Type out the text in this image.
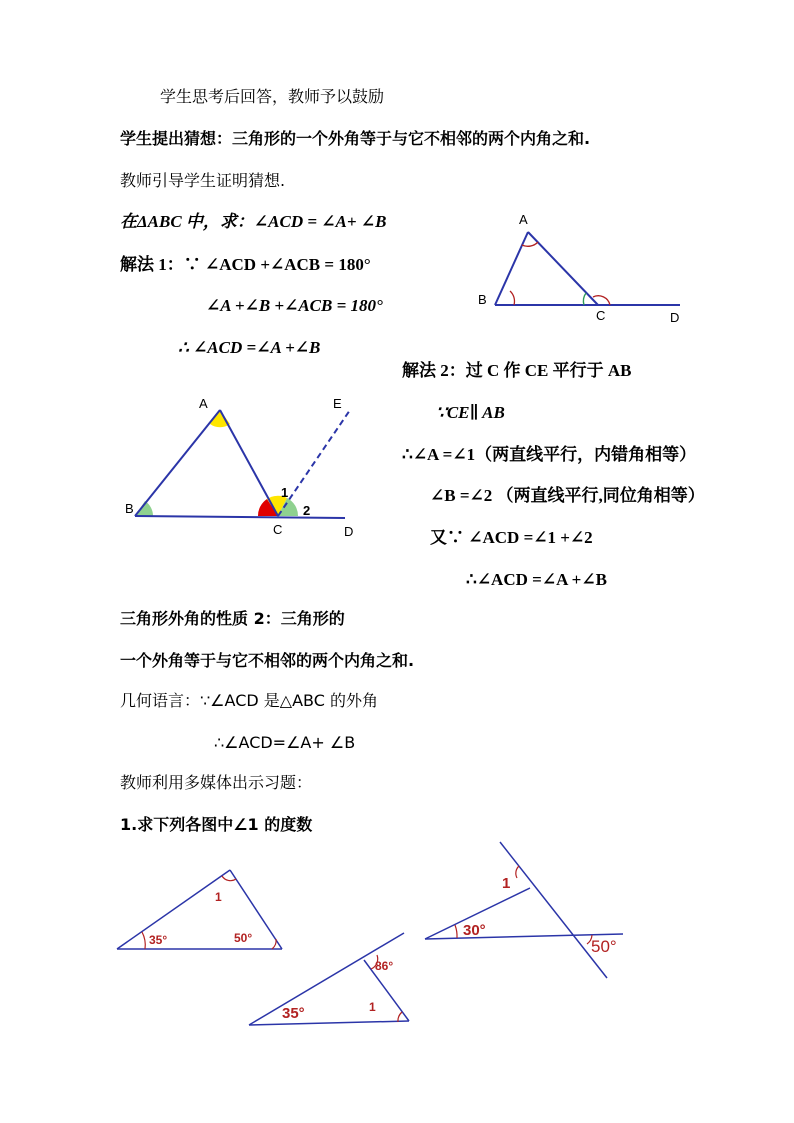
学生思考后回答，教师予以鼓励
学生提出猜想：三角形的一个外角等于与它不相邻的两个内角之和.
教师引导学生证明猜想.
在ΔABC 中，求：∠ACD = ∠A+ ∠B
解法 1：∵ ∠ACD +∠ACB = 180°
∠A +∠B +∠ACB = 180°
∴ ∠ACD =∠A +∠B
解法 2：过 C 作 CE 平行于 AB
∵CE∥ AB
∴∠A =∠1（两直线平行，内错角相等）
∠B =∠2 （两直线平行,同位角相等）
又∵ ∠ACD =∠1 +∠2
∴∠ACD =∠A +∠B
三角形外角的性质 2：三角形的
一个外角等于与它不相邻的两个内角之和.
几何语言：∵∠ACD 是△ABC 的外角
∴∠ACD=∠A+ ∠B
教师利用多媒体出示习题：
1.求下列各图中∠1 的度数
A
B
C	D
A
B
C	D
E
1
2
1
35°	50°
1
30°
50°
86°
1
35°
